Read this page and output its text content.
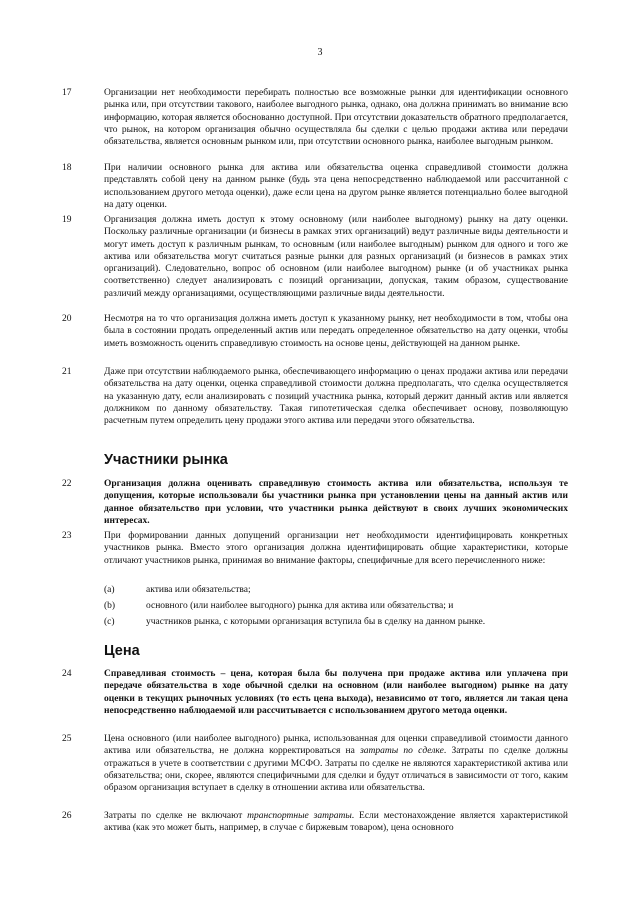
3
17	Организации нет необходимости перебирать полностью все возможные рынки для идентификации основного рынка или, при отсутствии такового, наиболее выгодного рынка, однако, она должна принимать во внимание всю информацию, которая является обоснованно доступной. При отсутствии доказательств обратного предполагается, что рынок, на котором организация обычно осуществляла бы сделки с целью продажи актива или передачи обязательства, является основным рынком или, при отсутствии основного рынка, наиболее выгодным рынком.
18	При наличии основного рынка для актива или обязательства оценка справедливой стоимости должна представлять собой цену на данном рынке (будь эта цена непосредственно наблюдаемой или рассчитанной с использованием другого метода оценки), даже если цена на другом рынке является потенциально более выгодной на дату оценки.
19	Организация должна иметь доступ к этому основному (или наиболее выгодному) рынку на дату оценки. Поскольку различные организации (и бизнесы в рамках этих организаций) ведут различные виды деятельности и могут иметь доступ к различным рынкам, то основным (или наиболее выгодным) рынком для одного и того же актива или обязательства могут считаться разные рынки для разных организаций (и бизнесов в рамках этих организаций). Следовательно, вопрос об основном (или наиболее выгодном) рынке (и об участниках рынка соответственно) следует анализировать с позиций организации, допуская, таким образом, существование различий между организациями, осуществляющими различные виды деятельности.
20	Несмотря на то что организация должна иметь доступ к указанному рынку, нет необходимости в том, чтобы она была в состоянии продать определенный актив или передать определенное обязательство на дату оценки, чтобы иметь возможность оценить справедливую стоимость на основе цены, действующей на данном рынке.
21	Даже при отсутствии наблюдаемого рынка, обеспечивающего информацию о ценах продажи актива или передачи обязательства на дату оценки, оценка справедливой стоимости должна предполагать, что сделка осуществляется на указанную дату, если анализировать с позиций участника рынка, который держит данный актив или является должником по данному обязательству. Такая гипотетическая сделка обеспечивает основу, позволяющую расчетным путем определить цену продажи этого актива или передачи этого обязательства.
Участники рынка
22	Организация должна оценивать справедливую стоимость актива или обязательства, используя те допущения, которые использовали бы участники рынка при установлении цены на данный актив или данное обязательство при условии, что участники рынка действуют в своих лучших экономических интересах.
23	При формировании данных допущений организации нет необходимости идентифицировать конкретных участников рынка. Вместо этого организация должна идентифицировать общие характеристики, которые отличают участников рынка, принимая во внимание факторы, специфичные для всего перечисленного ниже:
(a)	актива или обязательства;
(b)	основного (или наиболее выгодного) рынка для актива или обязательства; и
(c)	участников рынка, с которыми организация вступила бы в сделку на данном рынке.
Цена
24	Справедливая стоимость – цена, которая была бы получена при продаже актива или уплачена при передаче обязательства в ходе обычной сделки на основном (или наиболее выгодном) рынке на дату оценки в текущих рыночных условиях (то есть цена выхода), независимо от того, является ли такая цена непосредственно наблюдаемой или рассчитывается с использованием другого метода оценки.
25	Цена основного (или наиболее выгодного) рынка, использованная для оценки справедливой стоимости данного актива или обязательства, не должна корректироваться на затраты по сделке. Затраты по сделке должны отражаться в учете в соответствии с другими МСФО. Затраты по сделке не являются характеристикой актива или обязательства; они, скорее, являются специфичными для сделки и будут отличаться в зависимости от того, каким образом организация вступает в сделку в отношении актива или обязательства.
26	Затраты по сделке не включают транспортные затраты. Если местонахождение является характеристикой актива (как это может быть, например, в случае с биржевым товаром), цена основного
